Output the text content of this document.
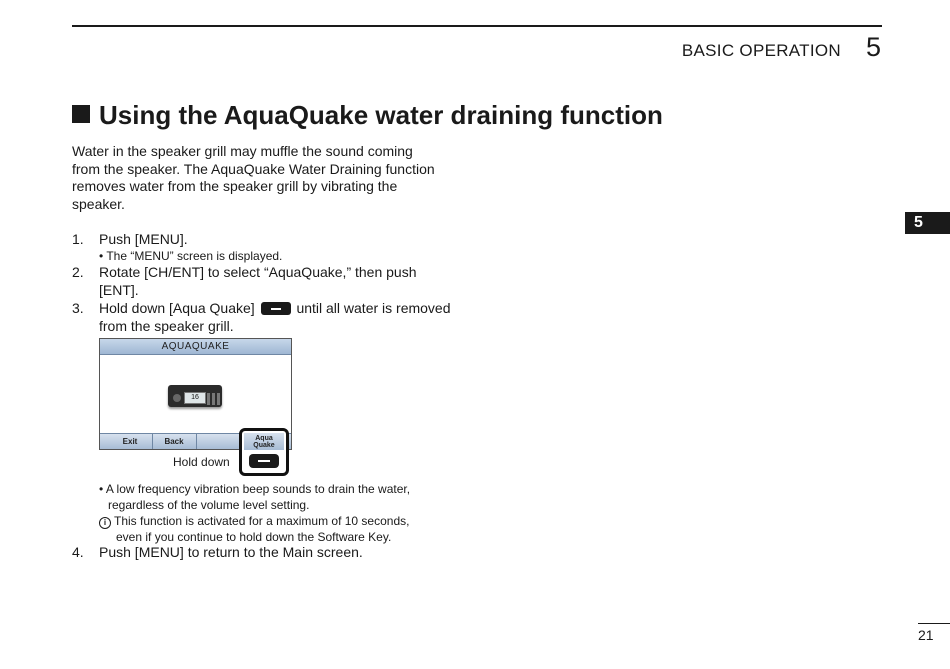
BASIC OPERATION 5
Using the AquaQuake water draining function
Water in the speaker grill may muffle the sound coming
from the speaker. The AquaQuake Water Draining function
removes water from the speaker grill by vibrating the
speaker.
1. Push [MENU].
• The “MENU” screen is displayed.
2. Rotate [CH/ENT] to select “AquaQuake,” then push
[ENT].
3. Hold down [Aqua Quake]	until all water is removed
from the speaker grill.
AQUAQUAKE
16
Exit	Back	Aqua
Quake
Hold down
• A low frequency vibration beep sounds to drain the water,
regardless of the volume level setting.
i This function is activated for a maximum of 10 seconds,
even if you continue to hold down the Software Key.
4. Push [MENU] to return to the Main screen.
5
21
